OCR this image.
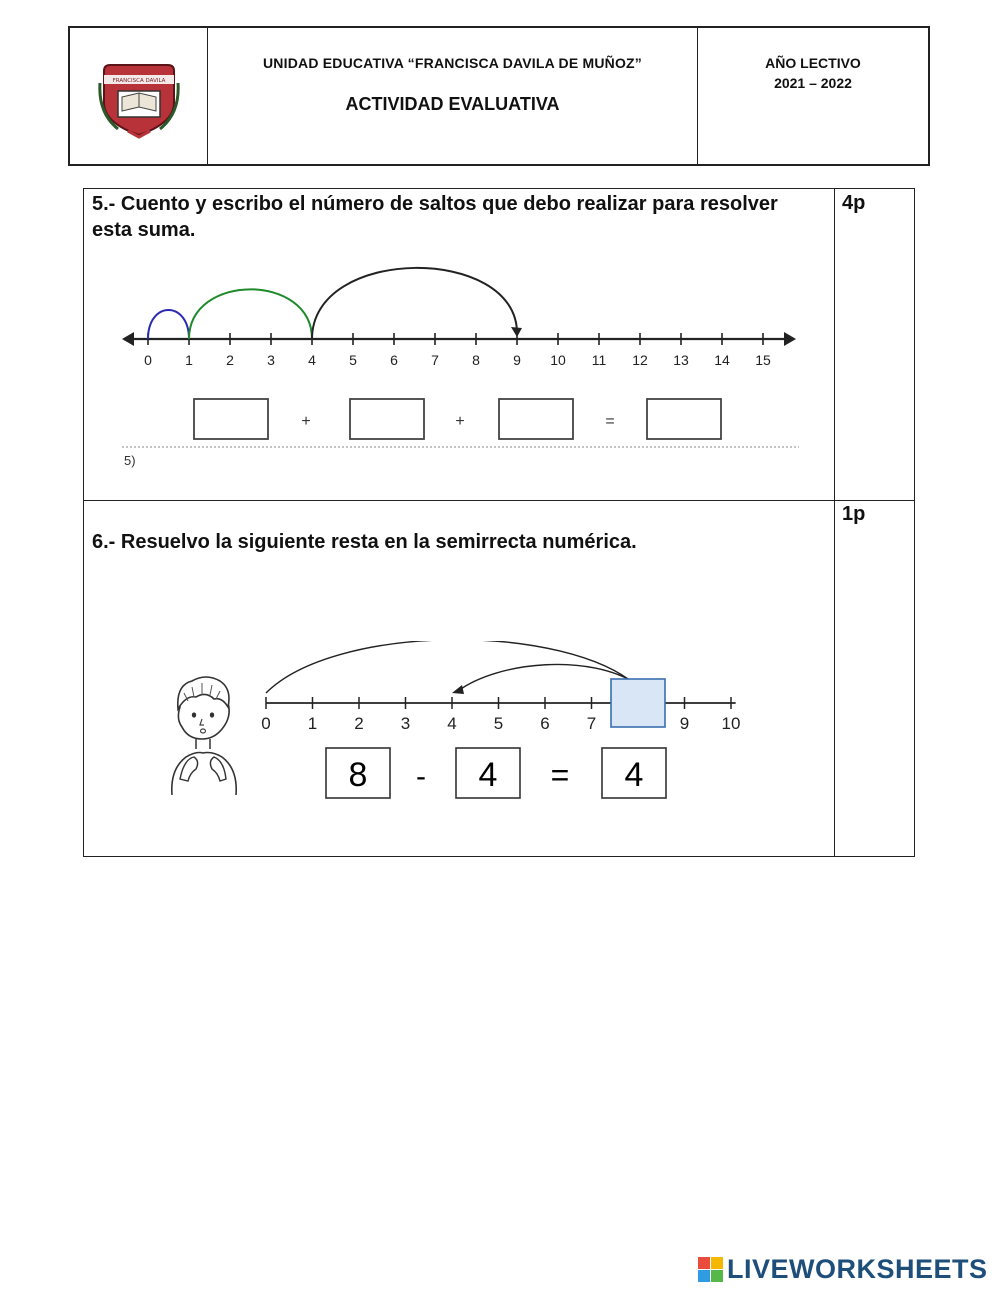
FRANCISCA DAVILA
UNIDAD EDUCATIVA “FRANCISCA DAVILA DE MUÑOZ”
ACTIVIDAD EVALUATIVA
AÑO LECTIVO
2021 – 2022
5.- Cuento y escribo el número de saltos que debo realizar para resolver esta suma.
4p
0 1 2 3 4 5 6 7 8 9 10 11 12 13 14 15
+	+	=
5)
1p
6.- Resuelvo la siguiente resta en la semirrecta numérica.
0 1 2 3 4 5 6 7	9 10
8 - 4 = 4
LIVEWORKSHEETS
